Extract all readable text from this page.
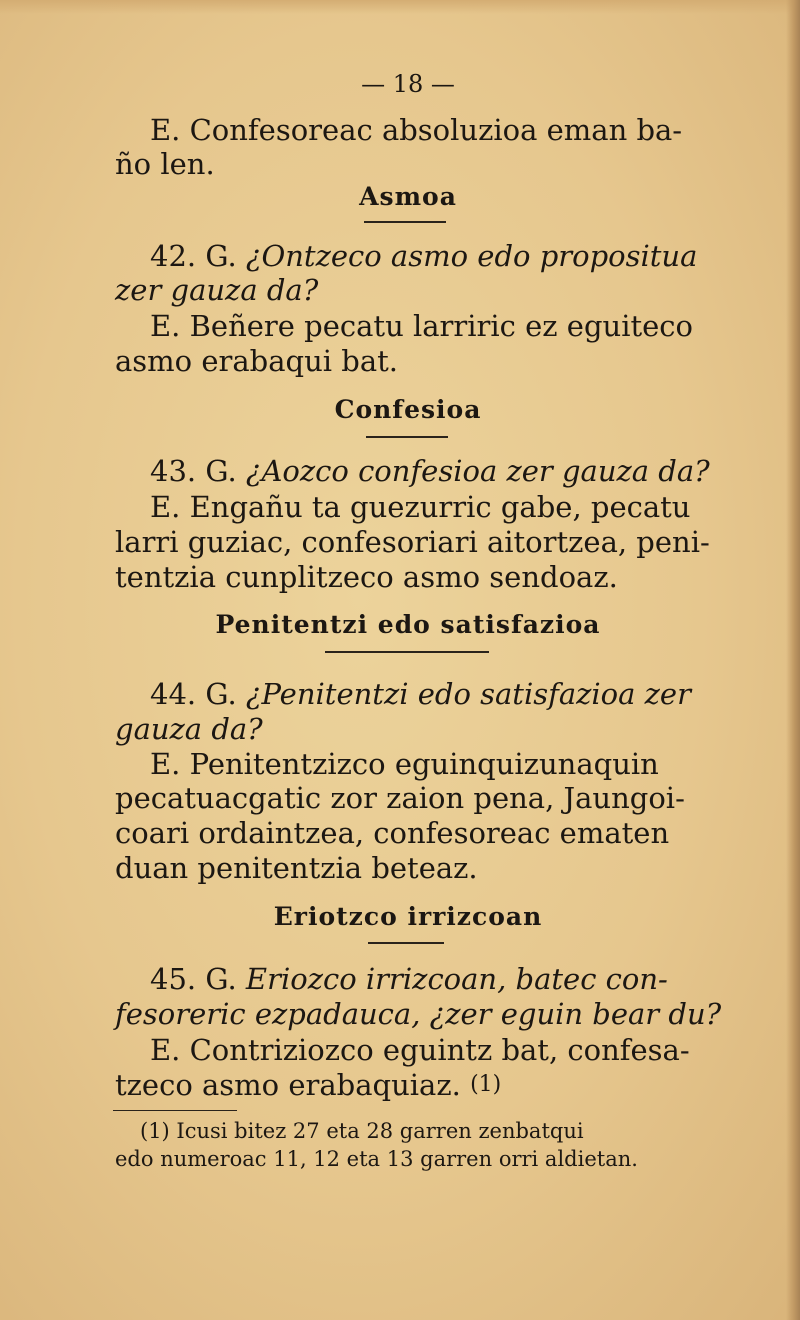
— 18 —
E. Confesoreac absoluzioa eman ba-
ño len.
Asmoa
42. G. ¿Ontzeco asmo edo propositua
zer gauza da?
E. Beñere pecatu larriric ez eguiteco
asmo erabaqui bat.
Confesioa
43. G. ¿Aozco confesioa zer gauza da?
E. Engañu ta guezurric gabe, pecatu
larri guziac, confesoriari aitortzea, peni-
tentzia cunplitzeco asmo sendoaz.
Penitentzi edo satisfazioa
44. G. ¿Penitentzi edo satisfazioa zer
gauza da?
E. Penitentzizco eguinquizunaquin
pecatuacgatic zor zaion pena, Jaungoi-
coari ordaintzea, confesoreac ematen
duan penitentzia beteaz.
Eriotzco irrizcoan
45. G. Eriozco irrizcoan, batec con-
fesoreric ezpadauca, ¿zer eguin bear du?
E. Contriziozco eguintz bat, confesa-
tzeco asmo erabaquiaz. (1)
(1) Icusi bitez 27 eta 28 garren zenbatqui
edo numeroac 11, 12 eta 13 garren orri aldietan.
